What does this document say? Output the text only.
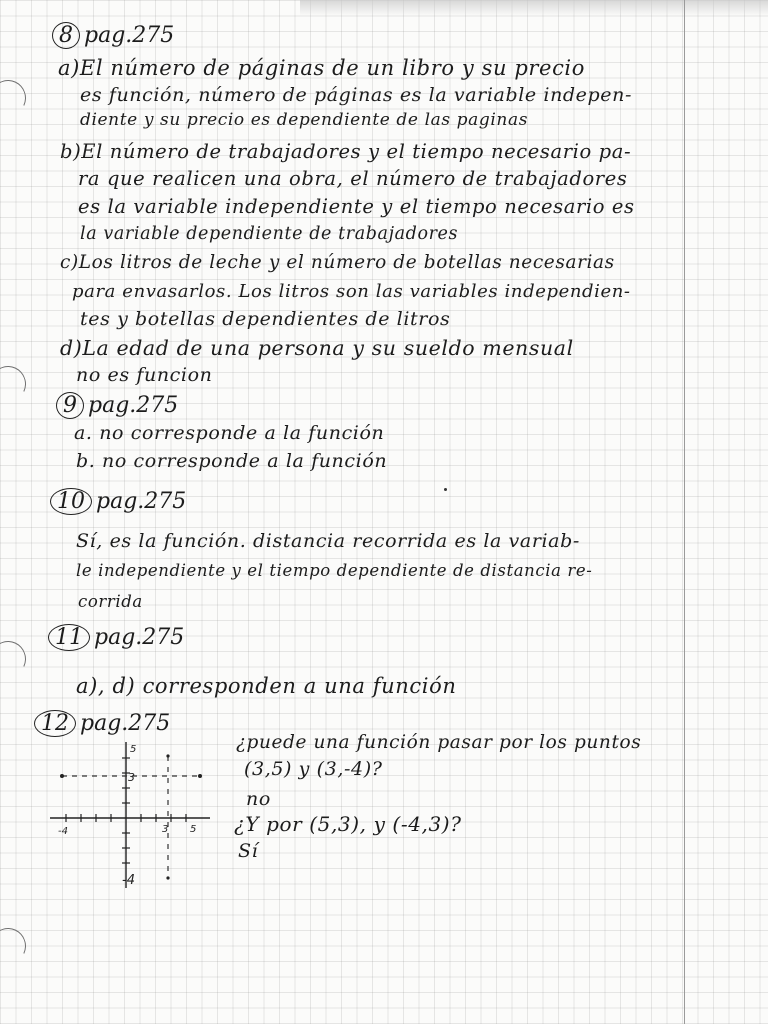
8 pag.275
a)El número de páginas de un libro y su precio
es función, número de páginas es la variable indepen-
diente y su precio es dependiente de las paginas
b)El número de trabajadores y el tiempo necesario pa-
ra que realicen una obra, el número de trabajadores
es la variable independiente y el tiempo necesario es
la variable dependiente de trabajadores
c)Los litros de leche y el número de botellas necesarias
para envasarlos. Los litros son las variables independien-
tes y botellas dependientes de litros
d)La edad de una persona y su sueldo mensual
no es funcion
9 pag.275
a. no corresponde a la función
b. no corresponde a la función
10 pag.275
Sí, es la función. distancia recorrida es la variab-
le independiente y el tiempo dependiente de distancia re-
corrida
11 pag.275
a), d) corresponden a una función
12 pag.275
5
3
-4	3 5
-4
¿puede una función pasar por los puntos
(3,5) y (3,-4)?
no
¿Y por (5,3), y (-4,3)?
Sí
